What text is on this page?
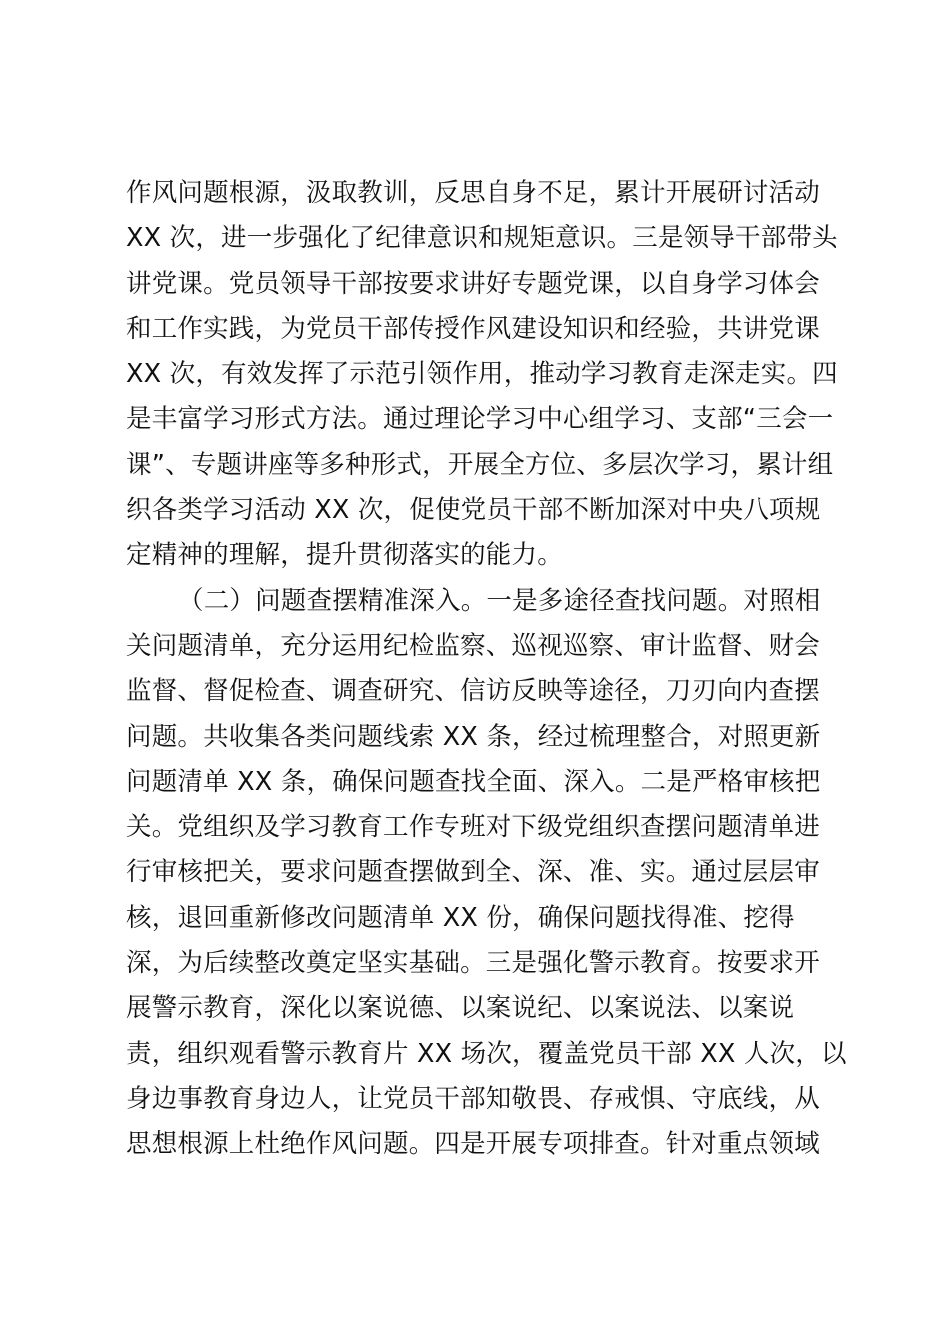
作风问题根源，汲取教训，反思自身不足，累计开展研讨活动
XX 次，进一步强化了纪律意识和规矩意识。三是领导干部带头
讲党课。党员领导干部按要求讲好专题党课，以自身学习体会
和工作实践，为党员干部传授作风建设知识和经验，共讲党课
XX 次，有效发挥了示范引领作用，推动学习教育走深走实。四
是丰富学习形式方法。通过理论学习中心组学习、支部“三会一
课”、专题讲座等多种形式，开展全方位、多层次学习，累计组
织各类学习活动 XX 次，促使党员干部不断加深对中央八项规
定精神的理解，提升贯彻落实的能力。
（二）问题查摆精准深入。一是多途径查找问题。对照相
关问题清单，充分运用纪检监察、巡视巡察、审计监督、财会
监督、督促检查、调查研究、信访反映等途径，刀刃向内查摆
问题。共收集各类问题线索 XX 条，经过梳理整合，对照更新
问题清单 XX 条，确保问题查找全面、深入。二是严格审核把
关。党组织及学习教育工作专班对下级党组织查摆问题清单进
行审核把关，要求问题查摆做到全、深、准、实。通过层层审
核，退回重新修改问题清单 XX 份，确保问题找得准、挖得
深，为后续整改奠定坚实基础。三是强化警示教育。按要求开
展警示教育，深化以案说德、以案说纪、以案说法、以案说
责，组织观看警示教育片 XX 场次，覆盖党员干部 XX 人次，以
身边事教育身边人，让党员干部知敬畏、存戒惧、守底线，从
思想根源上杜绝作风问题。四是开展专项排查。针对重点领域
